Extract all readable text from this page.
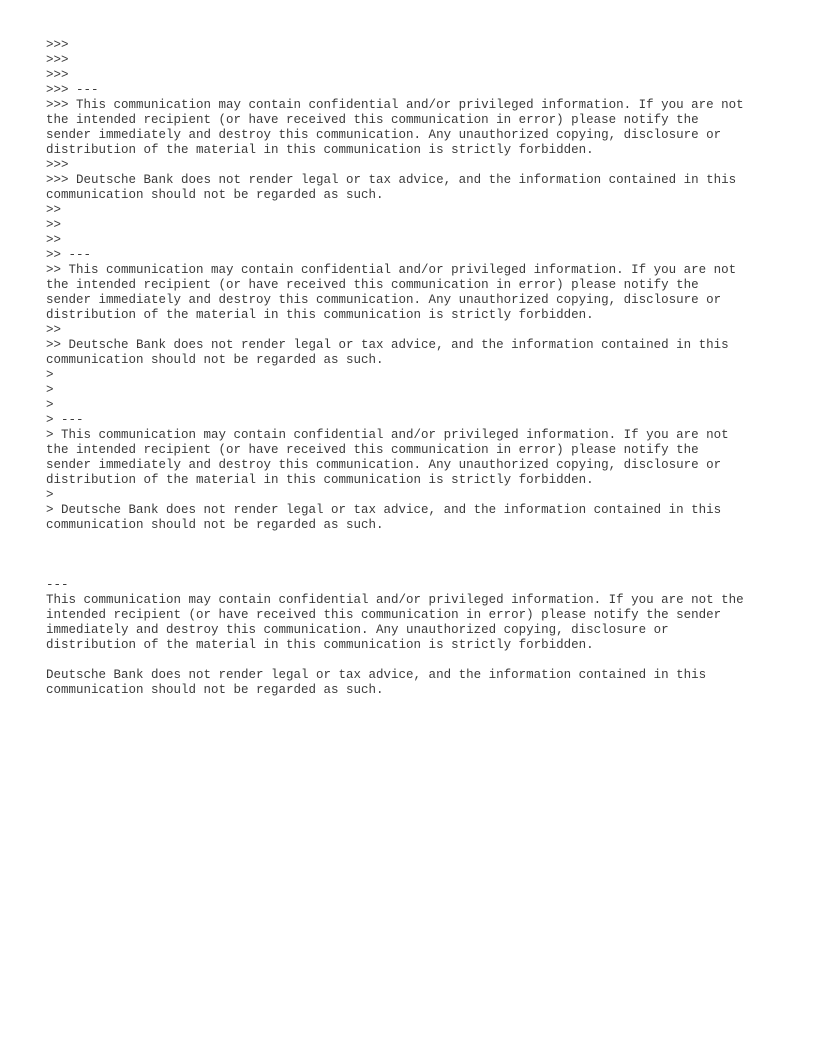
>>>
>>>
>>>
>>> ---
>>> This communication may contain confidential and/or privileged information. If you are not
the intended recipient (or have received this communication in error) please notify the
sender immediately and destroy this communication. Any unauthorized copying, disclosure or
distribution of the material in this communication is strictly forbidden.
>>>
>>> Deutsche Bank does not render legal or tax advice, and the information contained in this
communication should not be regarded as such.
>>
>>
>>
>> ---
>> This communication may contain confidential and/or privileged information. If you are not
the intended recipient (or have received this communication in error) please notify the
sender immediately and destroy this communication. Any unauthorized copying, disclosure or
distribution of the material in this communication is strictly forbidden.
>>
>> Deutsche Bank does not render legal or tax advice, and the information contained in this
communication should not be regarded as such.
>
>
>
> ---
> This communication may contain confidential and/or privileged information. If you are not
the intended recipient (or have received this communication in error) please notify the
sender immediately and destroy this communication. Any unauthorized copying, disclosure or
distribution of the material in this communication is strictly forbidden.
>
> Deutsche Bank does not render legal or tax advice, and the information contained in this
communication should not be regarded as such.
---
This communication may contain confidential and/or privileged information. If you are not the
intended recipient (or have received this communication in error) please notify the sender
immediately and destroy this communication. Any unauthorized copying, disclosure or
distribution of the material in this communication is strictly forbidden.
Deutsche Bank does not render legal or tax advice, and the information contained in this
communication should not be regarded as such.
